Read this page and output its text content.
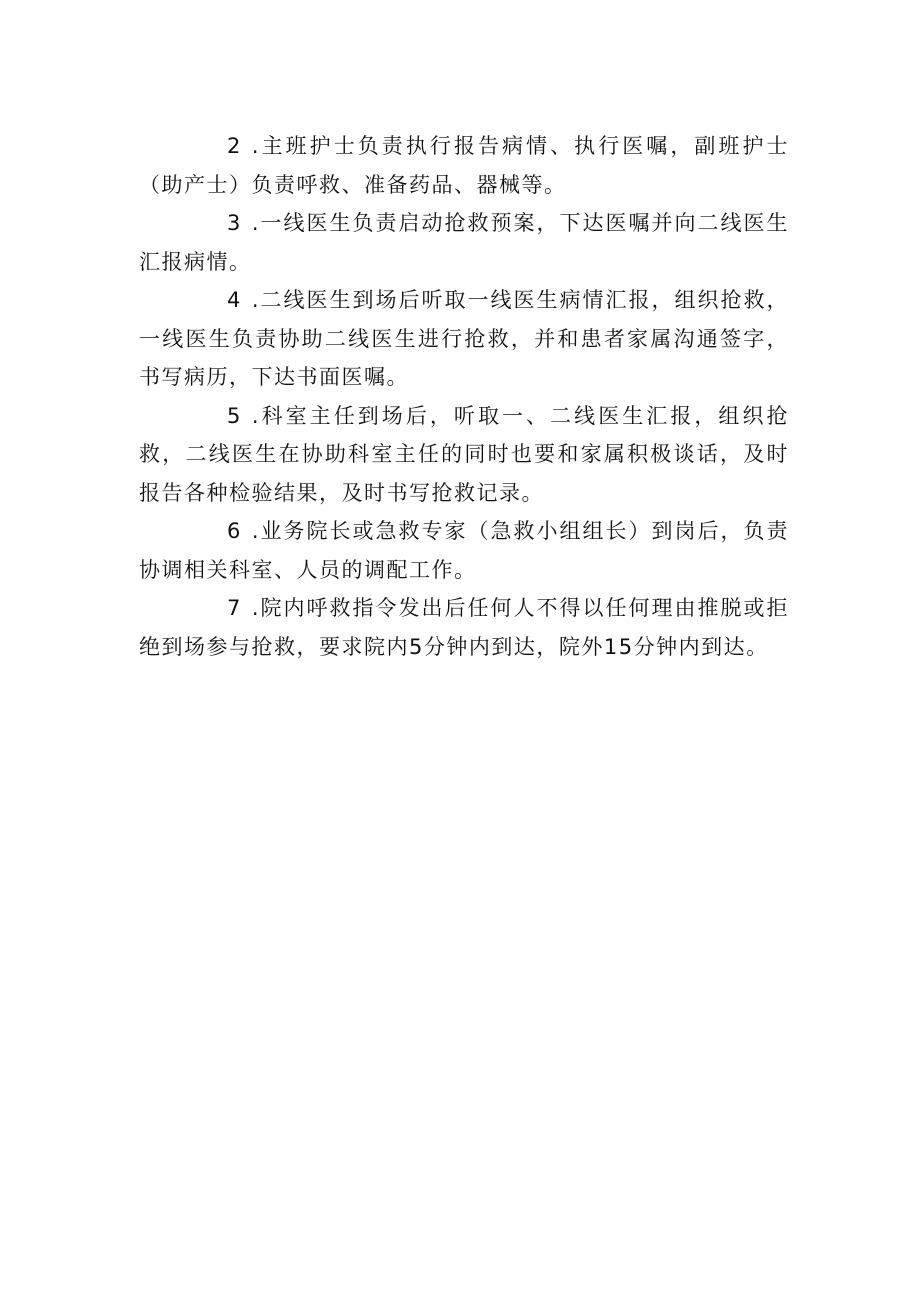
2 .主班护士负责执行报告病情、执行医嘱，副班护士（助产士）负责呼救、准备药品、器械等。

3 .一线医生负责启动抢救预案，下达医嘱并向二线医生汇报病情。

4 .二线医生到场后听取一线医生病情汇报，组织抢救，一线医生负责协助二线医生进行抢救，并和患者家属沟通签字，书写病历，下达书面医嘱。

5 .科室主任到场后，听取一、二线医生汇报，组织抢救，二线医生在协助科室主任的同时也要和家属积极谈话，及时报告各种检验结果，及时书写抢救记录。

6 .业务院长或急救专家（急救小组组长）到岗后，负责协调相关科室、人员的调配工作。

7 .院内呼救指令发出后任何人不得以任何理由推脱或拒绝到场参与抢救，要求院内5分钟内到达，院外15分钟内到达。
